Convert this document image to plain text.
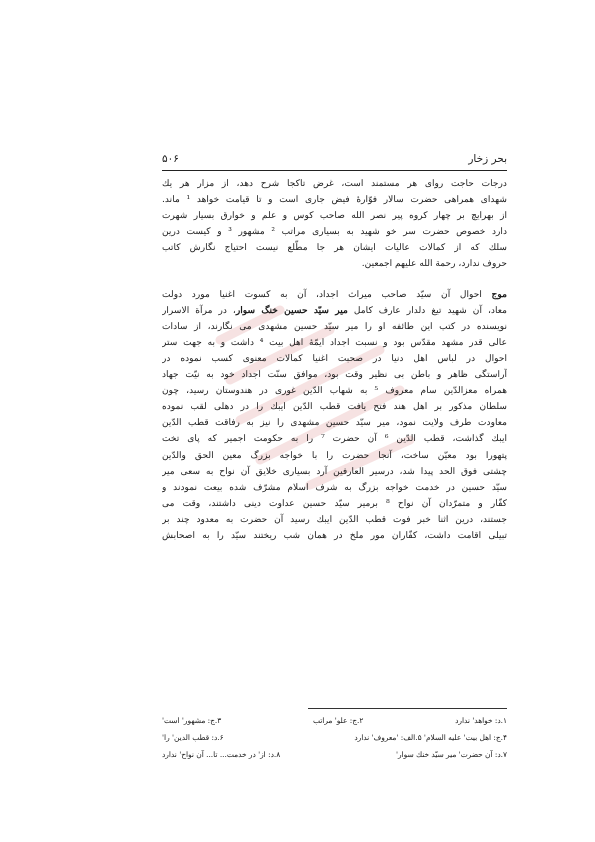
بحر زخار
۵۰۶
درجات حاجت روای هر مستمند است، غرض تاکجا شرح دهد، از مزار هر یك
شهدای همراهی حضرت سالار فوّارهٔ فیض جاری است و تا قیامت خواهد ¹ ماند.
از بهرایچ بر چهار کروه پیر نصر الله صاحب کوس و علم و خوارق بسیار شهرت
دارد خصوص حضرت سر خو شهید به بسیاری مراتب ² مشهور ³ و کیست درین
سلك که از کمالات عالیات ایشان هر جا مطّلع نیست احتیاج نگارش کاتب
حروف ندارد، رحمة الله علیهم اجمعین.
موج احوال آن سیّد صاحب میراث اجداد، آن به کسوت اغنیا مورد دولت
معاد، آن شهید تیغ دلدار عارف کامل میر سیّد حسین خنگ سوار، در مرآة الاسرار
نویسنده در کتب این طائفه او را میر سیّد حسین مشهدی می نگارند، از سادات
عالی قدر مشهد مقدّس بود و نسبت اجداد ایمّهٔ اهل بیت ⁴ داشت و به جهت ستر
احوال در لباس اهل دنیا در صحبت اغنیا کمالات معنوی کسب نموده در
آراستگی ظاهر و باطن بی نظیر وقت بود، موافق سنّت اجداد خود به نیّت جهاد
همراه معزالدّین سام معروف ⁵ به شهاب الدّین غوری در هندوستان رسید، چون
سلطان مذکور بر اهل هند فتح یافت قطب الدّین ایبك را در دهلی لقب نموده
معاودت طرف ولایت نمود، میر سیّد حسین مشهدی را نیز به رفاقت قطب الدّین
ایبك گذاشت، قطب الدّین ⁶ آن حضرت ⁷ را به حکومت اجمیر که پای تخت
پتهورا بود معیّن ساخت، آنجا حضرت را با خواجه بزرگ معین الحق والدّین
چشتی فوق الحد پیدا شد، درسیر العارفین آرد بسیاری خلایق آن نواح به سعی میر
سیّد حسین در خدمت خواجه بزرگ به شرف اسلام مشرّف شده بیعت نمودند و
کفّار و متمرّدان آن نواح ⁸ برمیر سیّد حسین عداوت دینی داشتند، وقت می
جستند، درین اثنا خبر فوت قطب الدّین ایبك رسید آن حضرت به معدود چند بر
تبیلی اقامت داشت، کفّاران مور ملخ در همان شب ریختند سیّد را به اصحابش
۱.د: خواهد' ندارد
۲.ج: علو' مراتب
۳.ج: مشهور' است'
۴.ج: اهل بیت' علیه السلام' ۵.الف: 'معروف' ندارد
۶.د: قطب الدین' را'
۷.د: آن حضرت' میر سیّد خنك سوار'
۸.د: از' در خدمت... تا... آن نواح' ندارد
